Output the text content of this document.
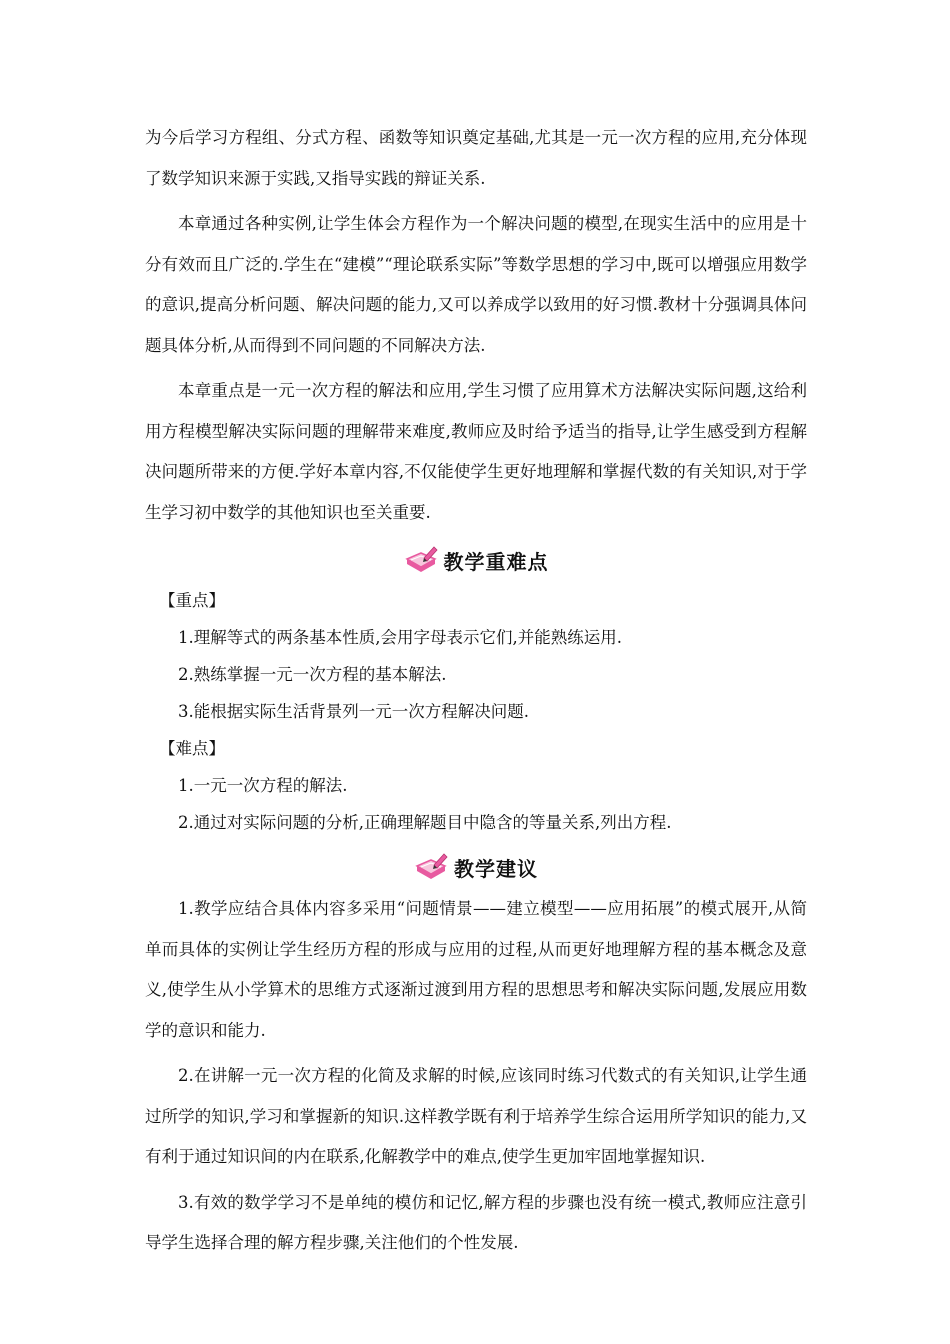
为今后学习方程组、分式方程、函数等知识奠定基础,尤其是一元一次方程的应用,充分体现了数学知识来源于实践,又指导实践的辩证关系.

本章通过各种实例,让学生体会方程作为一个解决问题的模型,在现实生活中的应用是十分有效而且广泛的.学生在“建模”“理论联系实际”等数学思想的学习中,既可以增强应用数学的意识,提高分析问题、解决问题的能力,又可以养成学以致用的好习惯.教材十分强调具体问题具体分析,从而得到不同问题的不同解决方法.

本章重点是一元一次方程的解法和应用,学生习惯了应用算术方法解决实际问题,这给利用方程模型解决实际问题的理解带来难度,教师应及时给予适当的指导,让学生感受到方程解决问题所带来的方便.学好本章内容,不仅能使学生更好地理解和掌握代数的有关知识,对于学生学习初中数学的其他知识也至关重要.

教学重难点
【重点】
1.理解等式的两条基本性质,会用字母表示它们,并能熟练运用.
2.熟练掌握一元一次方程的基本解法.
3.能根据实际生活背景列一元一次方程解决问题.
【难点】
1.一元一次方程的解法.
2.通过对实际问题的分析,正确理解题目中隐含的等量关系,列出方程.
教学建议

1.教学应结合具体内容多采用“问题情景——建立模型——应用拓展”的模式展开,从简单而具体的实例让学生经历方程的形成与应用的过程,从而更好地理解方程的基本概念及意义,使学生从小学算术的思维方式逐渐过渡到用方程的思想思考和解决实际问题,发展应用数学的意识和能力.

2.在讲解一元一次方程的化简及求解的时候,应该同时练习代数式的有关知识,让学生通过所学的知识,学习和掌握新的知识.这样教学既有利于培养学生综合运用所学知识的能力,又有利于通过知识间的内在联系,化解教学中的难点,使学生更加牢固地掌握知识.

3.有效的数学学习不是单纯的模仿和记忆,解方程的步骤也没有统一模式,教师应注意引导学生选择合理的解方程步骤,关注他们的个性发展.
